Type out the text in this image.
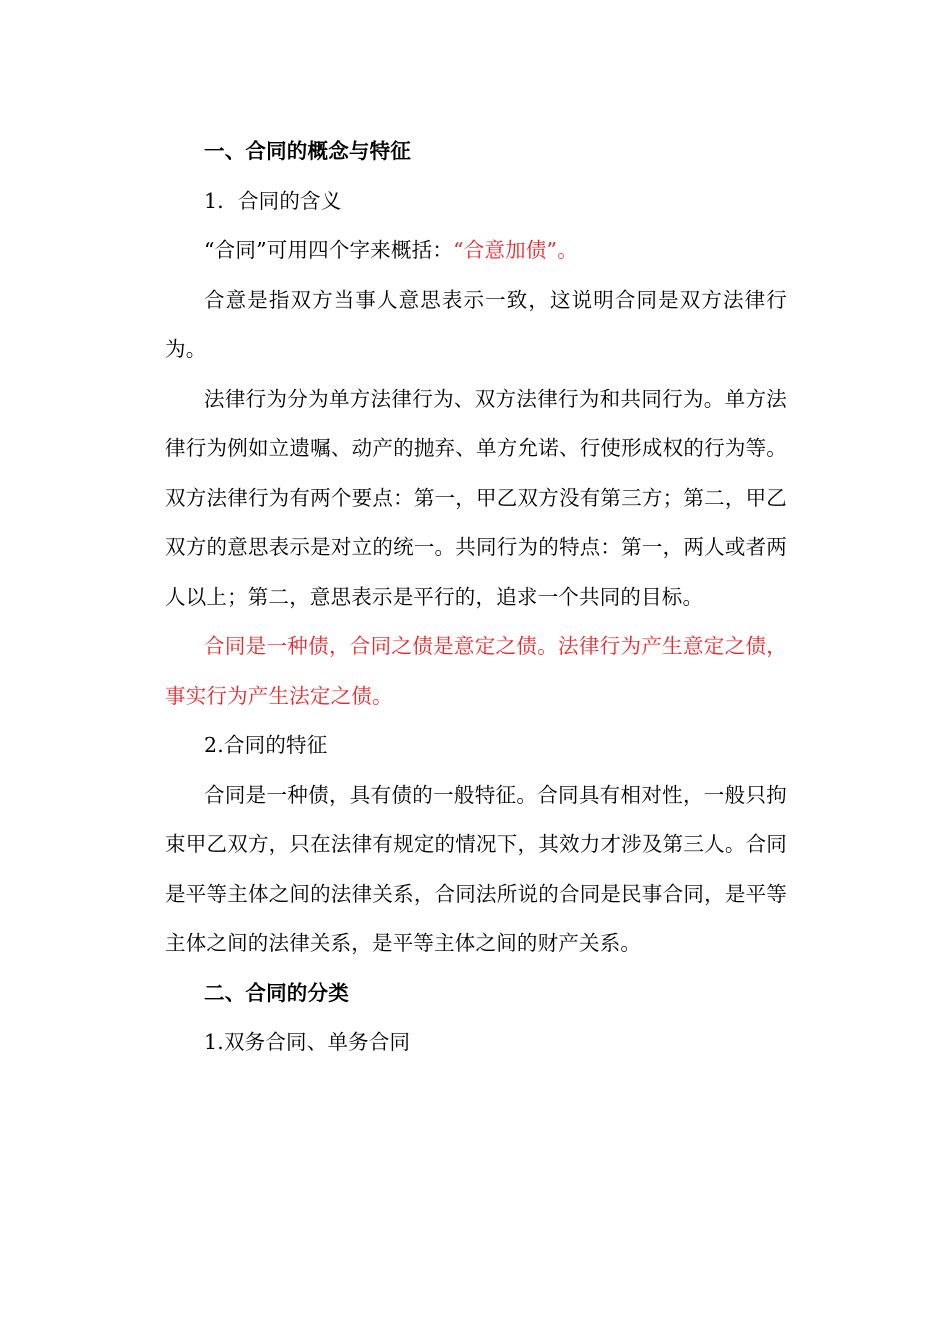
一、合同的概念与特征

1．合同的含义

“合同”可用四个字来概括：“合意加债”。

合意是指双方当事人意思表示一致，这说明合同是双方法律行为。

法律行为分为单方法律行为、双方法律行为和共同行为。单方法律行为例如立遗嘱、动产的抛弃、单方允诺、行使形成权的行为等。双方法律行为有两个要点：第一，甲乙双方没有第三方；第二，甲乙双方的意思表示是对立的统一。共同行为的特点：第一，两人或者两人以上；第二，意思表示是平行的，追求一个共同的目标。

合同是一种债，合同之债是意定之债。法律行为产生意定之债，事实行为产生法定之债。

2.合同的特征

合同是一种债，具有债的一般特征。合同具有相对性，一般只拘束甲乙双方，只在法律有规定的情况下，其效力才涉及第三人。合同是平等主体之间的法律关系，合同法所说的合同是民事合同，是平等主体之间的法律关系，是平等主体之间的财产关系。

二、合同的分类

1.双务合同、单务合同
